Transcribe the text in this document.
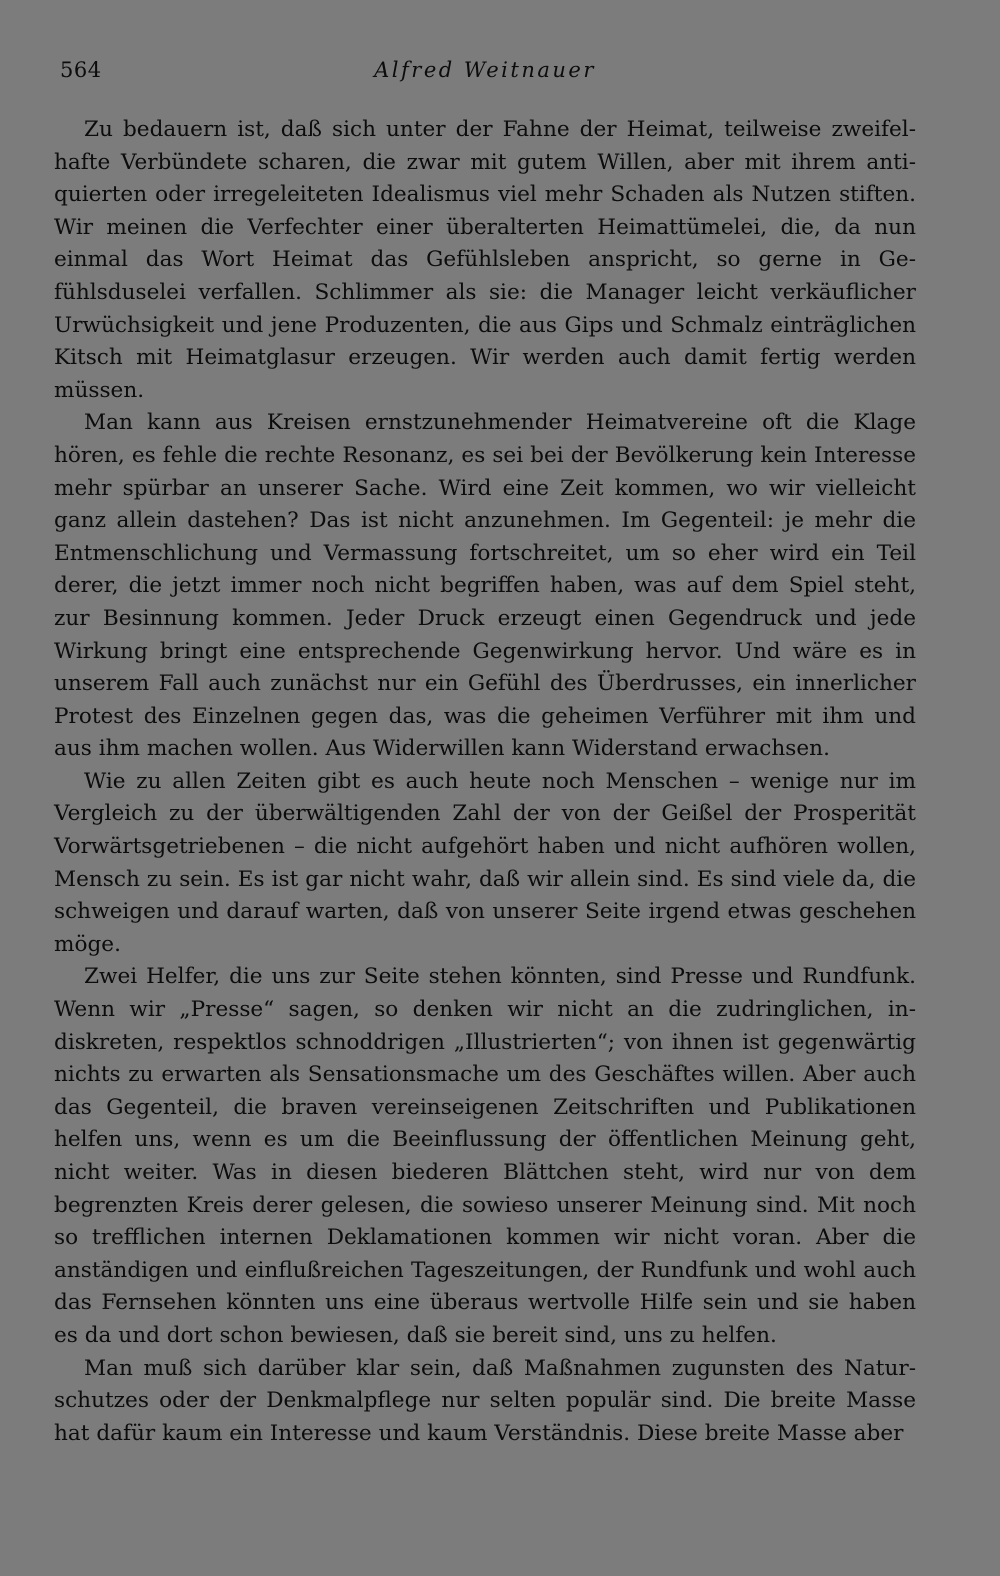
564	Alfred Weitnauer

Zu bedauern ist, daß sich unter der Fahne der Heimat, teilweise zweifelhafte Verbündete scharen, die zwar mit gutem Willen, aber mit ihrem antiquierten oder irregeleiteten Idealismus viel mehr Schaden als Nutzen stiften. Wir meinen die Verfechter einer überalterten Heimattümelei, die, da nun einmal das Wort Heimat das Gefühlsleben anspricht, so gerne in Gefühlsduselei verfallen. Schlimmer als sie: die Manager leicht verkäuflicher Urwüchsigkeit und jene Produzenten, die aus Gips und Schmalz einträglichen Kitsch mit Heimatglasur erzeugen. Wir werden auch damit fertig werden müssen.

Man kann aus Kreisen ernstzunehmender Heimatvereine oft die Klage hören, es fehle die rechte Resonanz, es sei bei der Bevölkerung kein Interesse mehr spürbar an unserer Sache. Wird eine Zeit kommen, wo wir vielleicht ganz allein dastehen? Das ist nicht anzunehmen. Im Gegenteil: je mehr die Entmenschlichung und Vermassung fortschreitet, um so eher wird ein Teil derer, die jetzt immer noch nicht begriffen haben, was auf dem Spiel steht, zur Besinnung kommen. Jeder Druck erzeugt einen Gegendruck und jede Wirkung bringt eine entsprechende Gegenwirkung hervor. Und wäre es in unserem Fall auch zunächst nur ein Gefühl des Überdrusses, ein innerlicher Protest des Einzelnen gegen das, was die geheimen Verführer mit ihm und aus ihm machen wollen. Aus Widerwillen kann Widerstand erwachsen.

Wie zu allen Zeiten gibt es auch heute noch Menschen – wenige nur im Vergleich zu der überwältigenden Zahl der von der Geißel der Prosperität Vorwärtsgetriebenen – die nicht aufgehört haben und nicht aufhören wollen, Mensch zu sein. Es ist gar nicht wahr, daß wir allein sind. Es sind viele da, die schweigen und darauf warten, daß von unserer Seite irgend etwas geschehen möge.

Zwei Helfer, die uns zur Seite stehen könnten, sind Presse und Rundfunk. Wenn wir „Presse“ sagen, so denken wir nicht an die zudringlichen, indiskreten, respektlos schnoddrigen „Illustrierten“; von ihnen ist gegenwärtig nichts zu erwarten als Sensationsmache um des Geschäftes willen. Aber auch das Gegenteil, die braven vereinseigenen Zeitschriften und Publikationen helfen uns, wenn es um die Beeinflussung der öffentlichen Meinung geht, nicht weiter. Was in diesen biederen Blättchen steht, wird nur von dem begrenzten Kreis derer gelesen, die sowieso unserer Meinung sind. Mit noch so trefflichen internen Deklamationen kommen wir nicht voran. Aber die anständigen und einflußreichen Tageszeitungen, der Rundfunk und wohl auch das Fernsehen könnten uns eine überaus wertvolle Hilfe sein und sie haben es da und dort schon bewiesen, daß sie bereit sind, uns zu helfen.

Man muß sich darüber klar sein, daß Maßnahmen zugunsten des Naturschutzes oder der Denkmalpflege nur selten populär sind. Die breite Masse hat dafür kaum ein Interesse und kaum Verständnis. Diese breite Masse aber
